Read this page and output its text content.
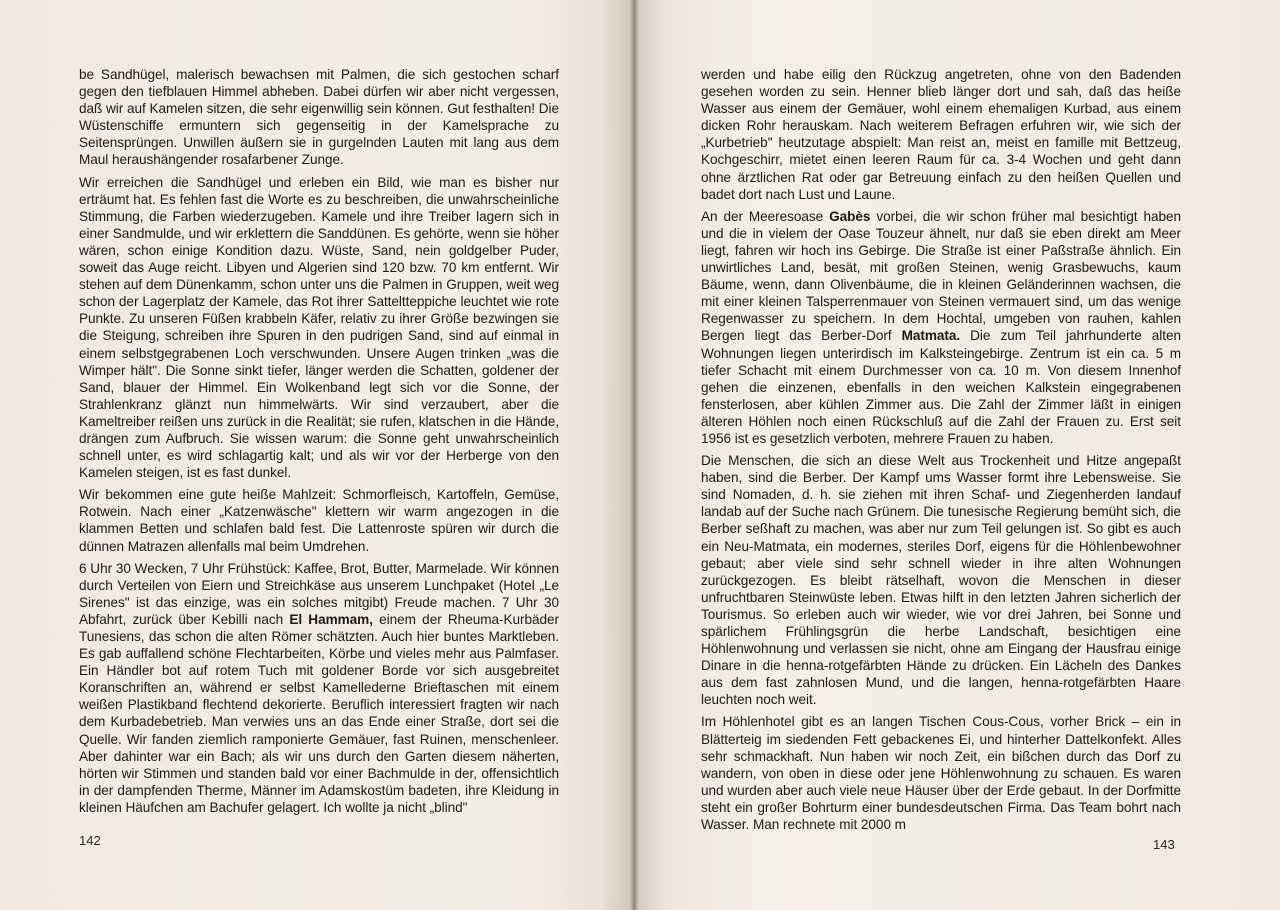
be Sandhügel, malerisch bewachsen mit Palmen, die sich gestochen scharf gegen den tiefblauen Himmel abheben. Dabei dürfen wir aber nicht vergessen, daß wir auf Kamelen sitzen, die sehr eigenwillig sein können. Gut festhalten! Die Wüstenschiffe ermuntern sich gegenseitig in der Kamelsprache zu Seitensprüngen. Unwillen äußern sie in gurgelnden Lauten mit lang aus dem Maul heraushängender rosafarbener Zunge.

Wir erreichen die Sandhügel und erleben ein Bild, wie man es bisher nur erträumt hat. Es fehlen fast die Worte es zu beschreiben, die unwahrscheinliche Stimmung, die Farben wiederzugeben. Kamele und ihre Treiber lagern sich in einer Sandmulde, und wir erklettern die Sanddünen. Es gehörte, wenn sie höher wären, schon einige Kondition dazu. Wüste, Sand, nein goldgelber Puder, soweit das Auge reicht. Libyen und Algerien sind 120 bzw. 70 km entfernt. Wir stehen auf dem Dünenkamm, schon unter uns die Palmen in Gruppen, weit weg schon der Lagerplatz der Kamele, das Rot ihrer Satteltteppiche leuchtet wie rote Punkte. Zu unseren Füßen krabbeln Käfer, relativ zu ihrer Größe bezwingen sie die Steigung, schreiben ihre Spuren in den pudrigen Sand, sind auf einmal in einem selbstgegrabenen Loch verschwunden. Unsere Augen trinken „was die Wimper hält". Die Sonne sinkt tiefer, länger werden die Schatten, goldener der Sand, blauer der Himmel. Ein Wolkenband legt sich vor die Sonne, der Strahlenkranz glänzt nun himmelwärts. Wir sind verzaubert, aber die Kameltreiber reißen uns zurück in die Realität; sie rufen, klatschen in die Hände, drängen zum Aufbruch. Sie wissen warum: die Sonne geht unwahrscheinlich schnell unter, es wird schlagartig kalt; und als wir vor der Herberge von den Kamelen steigen, ist es fast dunkel.

Wir bekommen eine gute heiße Mahlzeit: Schmorfleisch, Kartoffeln, Gemüse, Rotwein. Nach einer „Katzenwäsche" klettern wir warm angezogen in die klammen Betten und schlafen bald fest. Die Lattenroste spüren wir durch die dünnen Matrazen allenfalls mal beim Umdrehen.

6 Uhr 30 Wecken, 7 Uhr Frühstück: Kaffee, Brot, Butter, Marmelade. Wir können durch Verteilen von Eiern und Streichkäse aus unserem Lunchpaket (Hotel „Le Sirenes" ist das einzige, was ein solches mitgibt) Freude machen. 7 Uhr 30 Abfahrt, zurück über Kebilli nach El Hammam, einem der Rheuma-Kurbäder Tunesiens, das schon die alten Römer schätzten. Auch hier buntes Marktleben. Es gab auffallend schöne Flechtarbeiten, Körbe und vieles mehr aus Palmfaser. Ein Händler bot auf rotem Tuch mit goldener Borde vor sich ausgebreitet Koranschriften an, während er selbst Kamellederne Brieftaschen mit einem weißen Plastikband flechtend dekorierte. Beruflich interessiert fragten wir nach dem Kurbadebetrieb. Man verwies uns an das Ende einer Straße, dort sei die Quelle. Wir fanden ziemlich ramponierte Gemäuer, fast Ruinen, menschenleer. Aber dahinter war ein Bach; als wir uns durch den Garten diesem näherten, hörten wir Stimmen und standen bald vor einer Bachmulde in der, offensichtlich in der dampfenden Therme, Männer im Adamskostüm badeten, ihre Kleidung in kleinen Häufchen am Bachufer gelagert. Ich wollte ja nicht „blind"

142

werden und habe eilig den Rückzug angetreten, ohne von den Badenden gesehen worden zu sein. Henner blieb länger dort und sah, daß das heiße Wasser aus einem der Gemäuer, wohl einem ehemaligen Kurbad, aus einem dicken Rohr herauskam. Nach weiterem Befragen erfuhren wir, wie sich der „Kurbetrieb" heutzutage abspielt: Man reist an, meist en famille mit Bettzeug, Kochgeschirr, mietet einen leeren Raum für ca. 3-4 Wochen und geht dann ohne ärztlichen Rat oder gar Betreuung einfach zu den heißen Quellen und badet dort nach Lust und Laune.

An der Meeresoase Gabès vorbei, die wir schon früher mal besichtigt haben und die in vielem der Oase Touzeur ähnelt, nur daß sie eben direkt am Meer liegt, fahren wir hoch ins Gebirge. Die Straße ist einer Paßstraße ähnlich. Ein unwirtliches Land, besät, mit großen Steinen, wenig Grasbewuchs, kaum Bäume, wenn, dann Olivenbäume, die in kleinen Geländerinnen wachsen, die mit einer kleinen Talsperrenmauer von Steinen vermauert sind, um das wenige Regenwasser zu speichern. In dem Hochtal, umgeben von rauhen, kahlen Bergen liegt das Berber-Dorf Matmata. Die zum Teil jahrhunderte alten Wohnungen liegen unterirdisch im Kalksteingebirge. Zentrum ist ein ca. 5 m tiefer Schacht mit einem Durchmesser von ca. 10 m. Von diesem Innenhof gehen die einzenen, ebenfalls in den weichen Kalkstein eingegrabenen fensterlosen, aber kühlen Zimmer aus. Die Zahl der Zimmer läßt in einigen älteren Höhlen noch einen Rückschluß auf die Zahl der Frauen zu. Erst seit 1956 ist es gesetzlich verboten, mehrere Frauen zu haben.

Die Menschen, die sich an diese Welt aus Trockenheit und Hitze angepaßt haben, sind die Berber. Der Kampf ums Wasser formt ihre Lebensweise. Sie sind Nomaden, d. h. sie ziehen mit ihren Schaf- und Ziegenherden landauf landab auf der Suche nach Grünem. Die tunesische Regierung bemüht sich, die Berber seßhaft zu machen, was aber nur zum Teil gelungen ist. So gibt es auch ein Neu-Matmata, ein modernes, steriles Dorf, eigens für die Höhlenbewohner gebaut; aber viele sind sehr schnell wieder in ihre alten Wohnungen zurückgezogen. Es bleibt rätselhaft, wovon die Menschen in dieser unfruchtbaren Steinwüste leben. Etwas hilft in den letzten Jahren sicherlich der Tourismus. So erleben auch wir wieder, wie vor drei Jahren, bei Sonne und spärlichem Frühlingsgrün die herbe Landschaft, besichtigen eine Höhlenwohnung und verlassen sie nicht, ohne am Eingang der Hausfrau einige Dinare in die henna-rotgefärbten Hände zu drücken. Ein Lächeln des Dankes aus dem fast zahnlosen Mund, und die langen, henna-rotgefärbten Haare leuchten noch weit.

Im Höhlenhotel gibt es an langen Tischen Cous-Cous, vorher Brick – ein in Blätterteig im siedenden Fett gebackenes Ei, und hinterher Dattelkonfekt. Alles sehr schmackhaft. Nun haben wir noch Zeit, ein bißchen durch das Dorf zu wandern, von oben in diese oder jene Höhlenwohnung zu schauen. Es waren und wurden aber auch viele neue Häuser über der Erde gebaut. In der Dorfmitte steht ein großer Bohrturm einer bundesdeutschen Firma. Das Team bohrt nach Wasser. Man rechnete mit 2000 m

143
